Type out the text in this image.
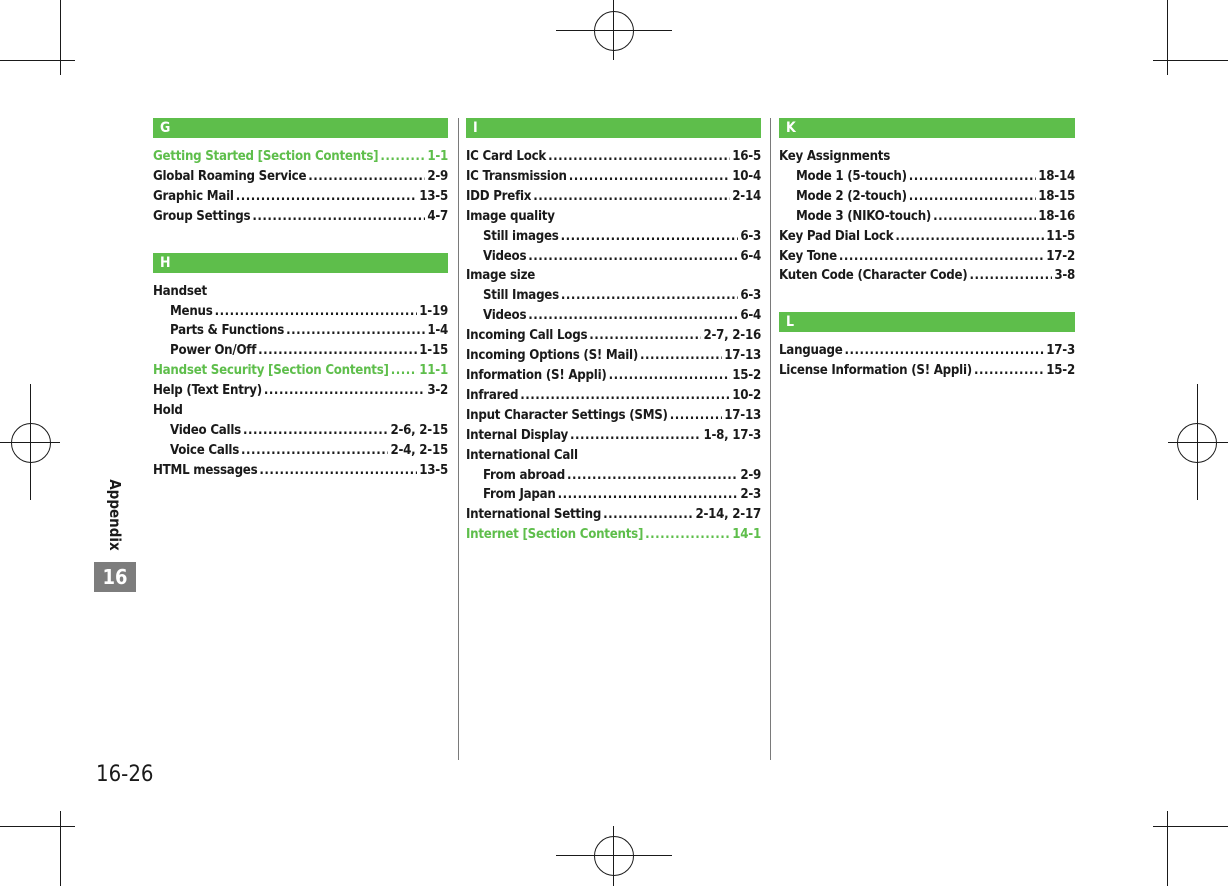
Appendix
16
G
Getting Started [Section Contents] .....	1-1
Global Roaming Service .....	2-9
Graphic Mail .....	13-5
Group Settings .....	4-7
H
Handset
Menus .....	1-19
Parts & Functions .....	1-4
Power On/Off .....	1-15
Handset Security [Section Contents] ..... 11-1
Help (Text Entry) .....	3-2
Hold
Video Calls .....	2-6, 2-15
Voice Calls .....	2-4, 2-15
HTML messages .....	13-5
I
IC Card Lock .....	16-5
IC Transmission .....	10-4
IDD Prefix .....	2-14
Image quality
Still images .....	6-3
Videos .....	6-4
Image size
Still Images .....	6-3
Videos .....	6-4
Incoming Call Logs .....	2-7, 2-16
Incoming Options (S! Mail) .....	17-13
Information (S! Appli) .....	15-2
Infrared .....	10-2
Input Character Settings (SMS) .....	17-13
Internal Display .....	1-8, 17-3
International Call
From abroad .....	2-9
From Japan .....	2-3
International Setting .....	2-14, 2-17
Internet [Section Contents] .....	14-1
K
Key Assignments
Mode 1 (5-touch) .....	18-14
Mode 2 (2-touch) .....	18-15
Mode 3 (NIKO-touch) .....	18-16
Key Pad Dial Lock .....	11-5
Key Tone .....	17-2
Kuten Code (Character Code) .....	3-8
L
Language .....	17-3
License Information (S! Appli) .....	15-2
16-26
